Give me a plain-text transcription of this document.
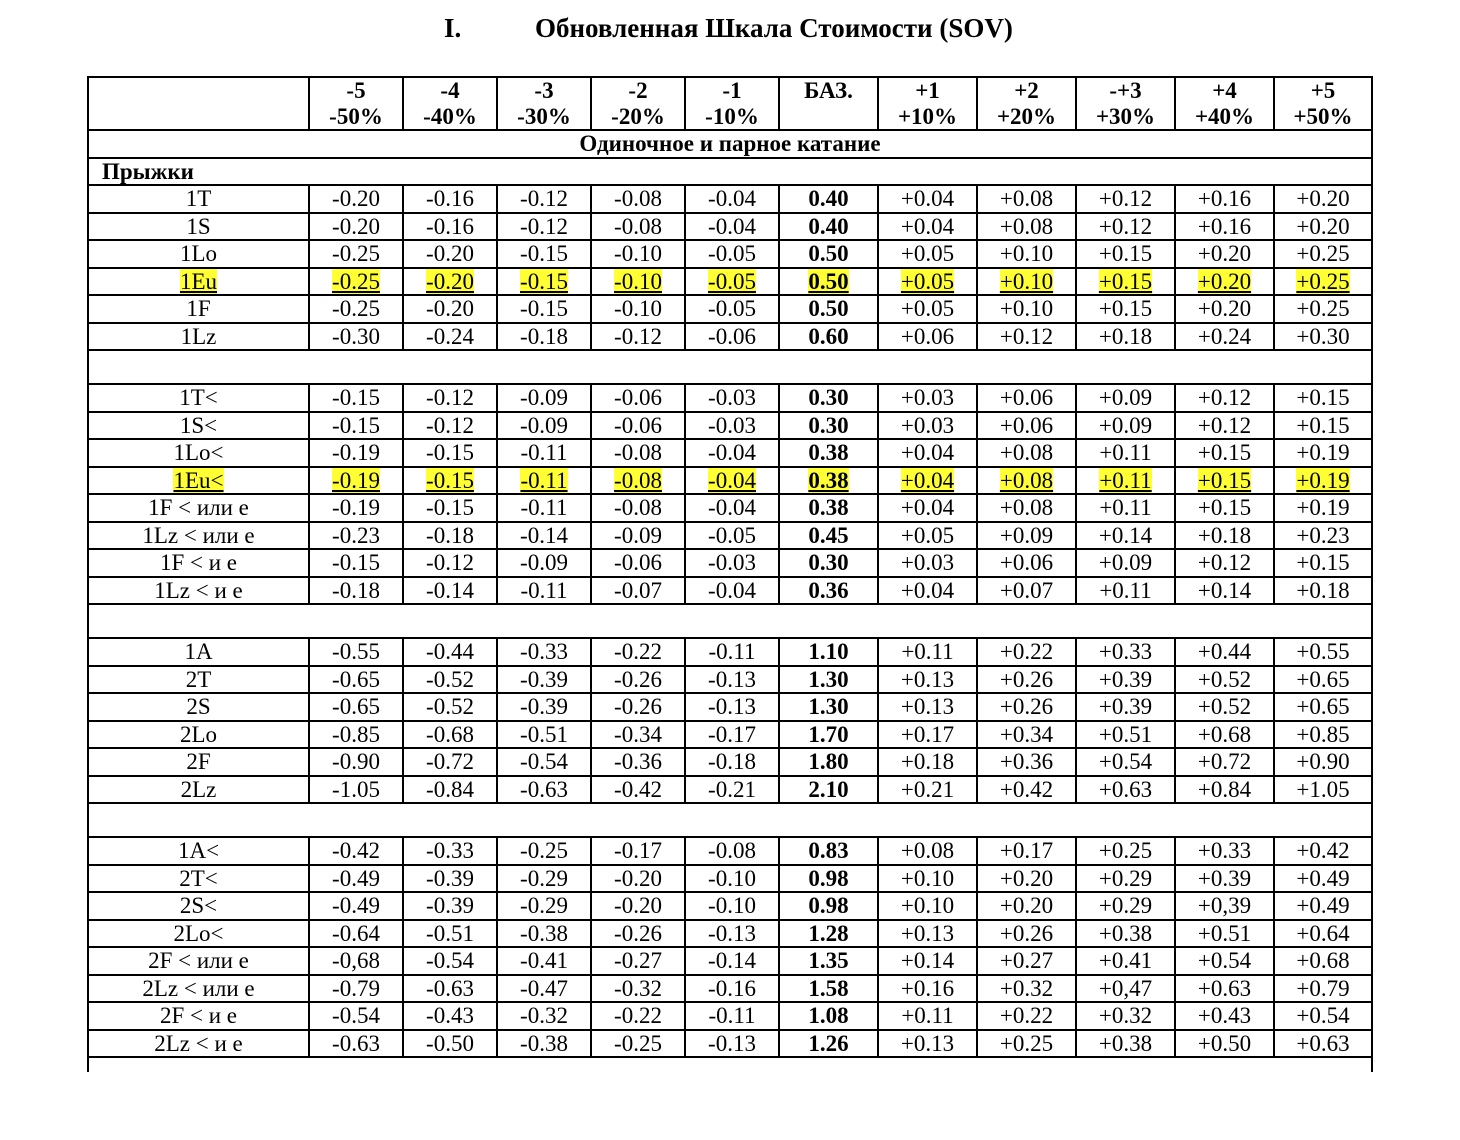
I.	Обновленная Шкала Стоимости (SOV)
	-5	-4	-3	-2	-1	БАЗ.	+1	+2	-+3	+4	+5
	-50%	-40%	-30%	-20%	-10%		+10%	+20%	+30%	+40%	+50%
Одиночное и парное катание											
Прыжки											
1T	-0.20	-0.16	-0.12	-0.08	-0.04	0.40	+0.04	+0.08	+0.12	+0.16	+0.20
1S	-0.20	-0.16	-0.12	-0.08	-0.04	0.40	+0.04	+0.08	+0.12	+0.16	+0.20
1Lo	-0.25	-0.20	-0.15	-0.10	-0.05	0.50	+0.05	+0.10	+0.15	+0.20	+0.25
1Eu	-0.25	-0.20	-0.15	-0.10	-0.05	0.50	+0.05	+0.10	+0.15	+0.20	+0.25
1F	-0.25	-0.20	-0.15	-0.10	-0.05	0.50	+0.05	+0.10	+0.15	+0.20	+0.25
1Lz	-0.30	-0.24	-0.18	-0.12	-0.06	0.60	+0.06	+0.12	+0.18	+0.24	+0.30

1T<	-0.15	-0.12	-0.09	-0.06	-0.03	0.30	+0.03	+0.06	+0.09	+0.12	+0.15
1S<	-0.15	-0.12	-0.09	-0.06	-0.03	0.30	+0.03	+0.06	+0.09	+0.12	+0.15
1Lo<	-0.19	-0.15	-0.11	-0.08	-0.04	0.38	+0.04	+0.08	+0.11	+0.15	+0.19
1Eu<	-0.19	-0.15	-0.11	-0.08	-0.04	0.38	+0.04	+0.08	+0.11	+0.15	+0.19
1F < или e	-0.19	-0.15	-0.11	-0.08	-0.04	0.38	+0.04	+0.08	+0.11	+0.15	+0.19
1Lz < или e	-0.23	-0.18	-0.14	-0.09	-0.05	0.45	+0.05	+0.09	+0.14	+0.18	+0.23
1F < и e	-0.15	-0.12	-0.09	-0.06	-0.03	0.30	+0.03	+0.06	+0.09	+0.12	+0.15
1Lz < и e	-0.18	-0.14	-0.11	-0.07	-0.04	0.36	+0.04	+0.07	+0.11	+0.14	+0.18

1A	-0.55	-0.44	-0.33	-0.22	-0.11	1.10	+0.11	+0.22	+0.33	+0.44	+0.55
2T	-0.65	-0.52	-0.39	-0.26	-0.13	1.30	+0.13	+0.26	+0.39	+0.52	+0.65
2S	-0.65	-0.52	-0.39	-0.26	-0.13	1.30	+0.13	+0.26	+0.39	+0.52	+0.65
2Lo	-0.85	-0.68	-0.51	-0.34	-0.17	1.70	+0.17	+0.34	+0.51	+0.68	+0.85
2F	-0.90	-0.72	-0.54	-0.36	-0.18	1.80	+0.18	+0.36	+0.54	+0.72	+0.90
2Lz	-1.05	-0.84	-0.63	-0.42	-0.21	2.10	+0.21	+0.42	+0.63	+0.84	+1.05

1A<	-0.42	-0.33	-0.25	-0.17	-0.08	0.83	+0.08	+0.17	+0.25	+0.33	+0.42
2T<	-0.49	-0.39	-0.29	-0.20	-0.10	0.98	+0.10	+0.20	+0.29	+0.39	+0.49
2S<	-0.49	-0.39	-0.29	-0.20	-0.10	0.98	+0.10	+0.20	+0.29	+0,39	+0.49
2Lo<	-0.64	-0.51	-0.38	-0.26	-0.13	1.28	+0.13	+0.26	+0.38	+0.51	+0.64
2F < или e	-0,68	-0.54	-0.41	-0.27	-0.14	1.35	+0.14	+0.27	+0.41	+0.54	+0.68
2Lz < или e	-0.79	-0.63	-0.47	-0.32	-0.16	1.58	+0.16	+0.32	+0,47	+0.63	+0.79
2F < и e	-0.54	-0.43	-0.32	-0.22	-0.11	1.08	+0.11	+0.22	+0.32	+0.43	+0.54
2Lz < и e	-0.63	-0.50	-0.38	-0.25	-0.13	1.26	+0.13	+0.25	+0.38	+0.50	+0.63
